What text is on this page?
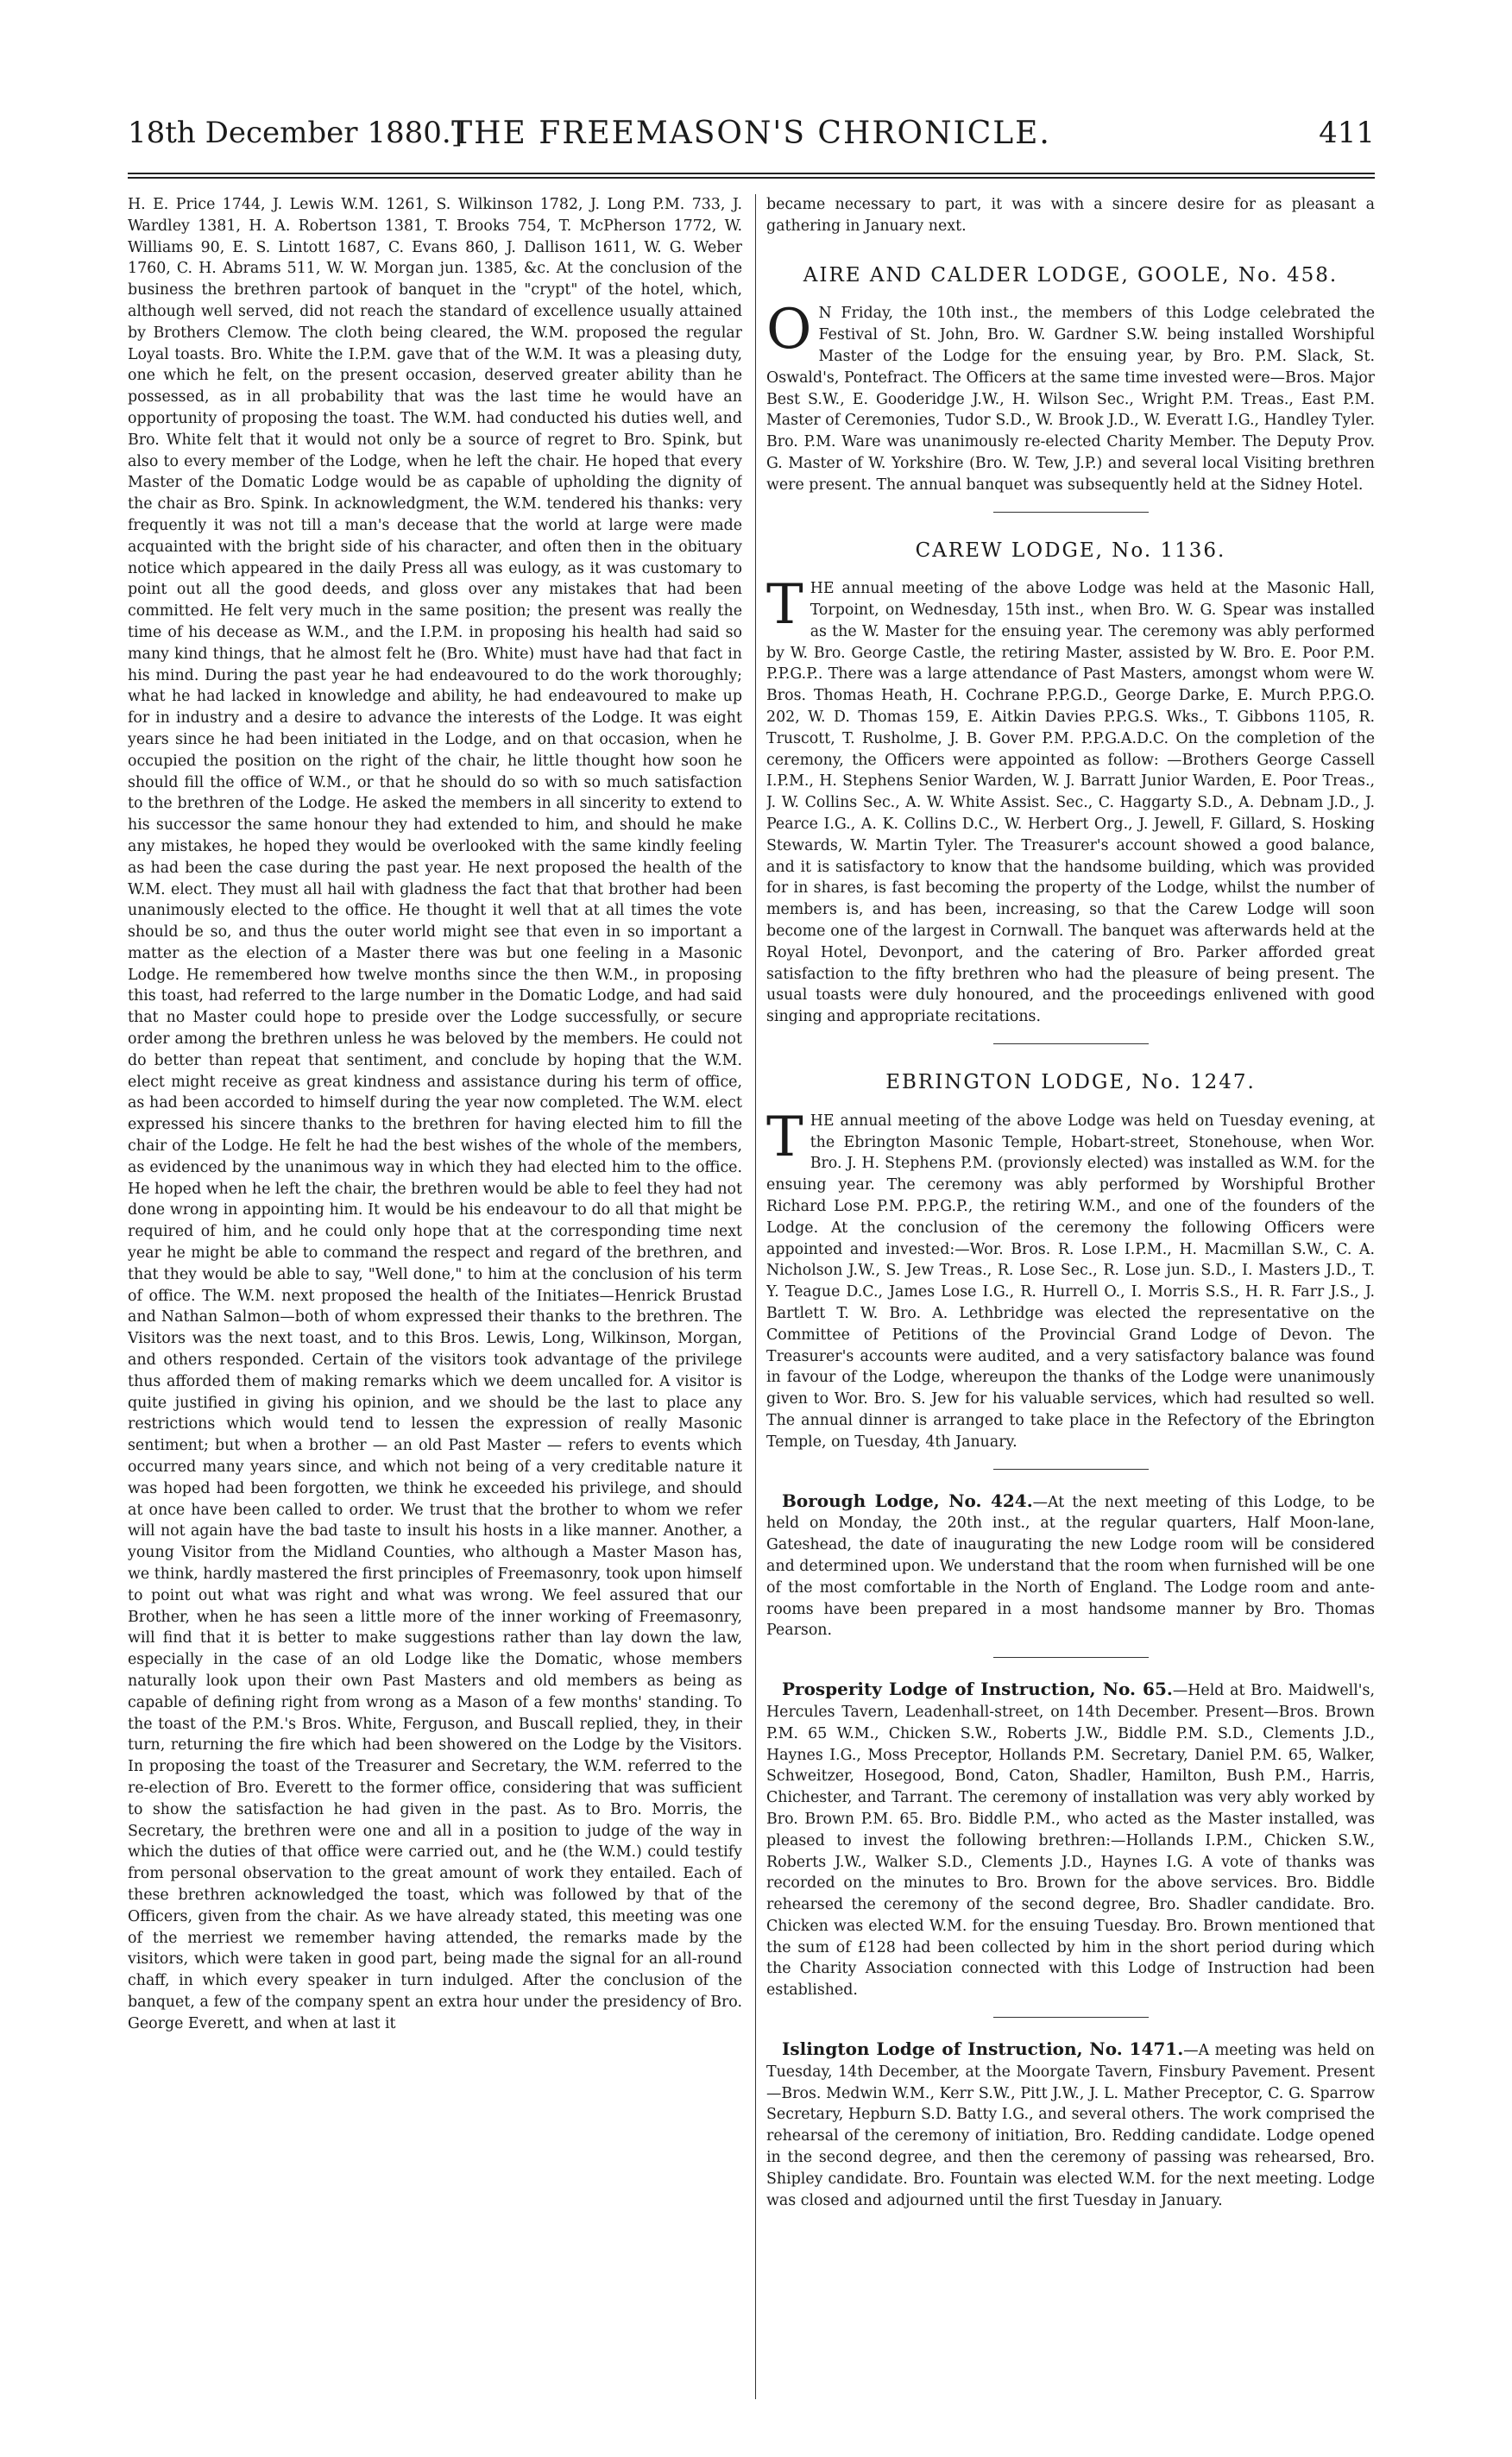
18th December 1880.]
THE FREEMASON'S CHRONICLE.	411

H. E. Price 1744, J. Lewis W.M. 1261, S. Wilkinson 1782, J. Long P.M. 733, J. Wardley 1381, H. A. Robertson 1381, T. Brooks 754, T. McPherson 1772, W. Williams 90, E. S. Lintott 1687, C. Evans 860, J. Dallison 1611, W. G. Weber 1760, C. H. Abrams 511, W. W. Morgan jun. 1385, &c. At the conclusion of the business the brethren partook of banquet in the "crypt" of the hotel, which, although well served, did not reach the standard of excellence usually attained by Brothers Clemow. The cloth being cleared, the W.M. proposed the regular Loyal toasts. Bro. White the I.P.M. gave that of the W.M. It was a pleasing duty, one which he felt, on the present occasion, deserved greater ability than he possessed, as in all probability that was the last time he would have an opportunity of proposing the toast. The W.M. had conducted his duties well, and Bro. White felt that it would not only be a source of regret to Bro. Spink, but also to every member of the Lodge, when he left the chair. He hoped that every Master of the Domatic Lodge would be as capable of upholding the dignity of the chair as Bro. Spink. In acknowledgment, the W.M. tendered his thanks: very frequently it was not till a man's decease that the world at large were made acquainted with the bright side of his character, and often then in the obituary notice which appeared in the daily Press all was eulogy, as it was customary to point out all the good deeds, and gloss over any mistakes that had been committed. He felt very much in the same position; the present was really the time of his decease as W.M., and the I.P.M. in proposing his health had said so many kind things, that he almost felt he (Bro. White) must have had that fact in his mind. During the past year he had endeavoured to do the work thoroughly; what he had lacked in knowledge and ability, he had endeavoured to make up for in industry and a desire to advance the interests of the Lodge. It was eight years since he had been initiated in the Lodge, and on that occasion, when he occupied the position on the right of the chair, he little thought how soon he should fill the office of W.M., or that he should do so with so much satisfaction to the brethren of the Lodge. He asked the members in all sincerity to extend to his successor the same honour they had extended to him, and should he make any mistakes, he hoped they would be overlooked with the same kindly feeling as had been the case during the past year. He next proposed the health of the W.M. elect. They must all hail with gladness the fact that that brother had been unanimously elected to the office. He thought it well that at all times the vote should be so, and thus the outer world might see that even in so important a matter as the election of a Master there was but one feeling in a Masonic Lodge. He remembered how twelve months since the then W.M., in proposing this toast, had referred to the large number in the Domatic Lodge, and had said that no Master could hope to preside over the Lodge successfully, or secure order among the brethren unless he was beloved by the members. He could not do better than repeat that sentiment, and conclude by hoping that the W.M. elect might receive as great kindness and assistance during his term of office, as had been accorded to himself during the year now completed. The W.M. elect expressed his sincere thanks to the brethren for having elected him to fill the chair of the Lodge. He felt he had the best wishes of the whole of the members, as evidenced by the unanimous way in which they had elected him to the office. He hoped when he left the chair, the brethren would be able to feel they had not done wrong in appointing him. It would be his endeavour to do all that might be required of him, and he could only hope that at the corresponding time next year he might be able to command the respect and regard of the brethren, and that they would be able to say, "Well done," to him at the conclusion of his term of office. The W.M. next proposed the health of the Initiates—Henrick Brustad and Nathan Salmon—both of whom expressed their thanks to the brethren. The Visitors was the next toast, and to this Bros. Lewis, Long, Wilkinson, Morgan, and others responded. Certain of the visitors took advantage of the privilege thus afforded them of making remarks which we deem uncalled for. A visitor is quite justified in giving his opinion, and we should be the last to place any restrictions which would tend to lessen the expression of really Masonic sentiment; but when a brother — an old Past Master — refers to events which occurred many years since, and which not being of a very creditable nature it was hoped had been forgotten, we think he exceeded his privilege, and should at once have been called to order. We trust that the brother to whom we refer will not again have the bad taste to insult his hosts in a like manner. Another, a young Visitor from the Midland Counties, who although a Master Mason has, we think, hardly mastered the first principles of Freemasonry, took upon himself to point out what was right and what was wrong. We feel assured that our Brother, when he has seen a little more of the inner working of Freemasonry, will find that it is better to make suggestions rather than lay down the law, especially in the case of an old Lodge like the Domatic, whose members naturally look upon their own Past Masters and old members as being as capable of defining right from wrong as a Mason of a few months' standing. To the toast of the P.M.'s Bros. White, Ferguson, and Buscall replied, they, in their turn, returning the fire which had been showered on the Lodge by the Visitors. In proposing the toast of the Treasurer and Secretary, the W.M. referred to the re-election of Bro. Everett to the former office, considering that was sufficient to show the satisfaction he had given in the past. As to Bro. Morris, the Secretary, the brethren were one and all in a position to judge of the way in which the duties of that office were carried out, and he (the W.M.) could testify from personal observation to the great amount of work they entailed. Each of these brethren acknowledged the toast, which was followed by that of the Officers, given from the chair. As we have already stated, this meeting was one of the merriest we remember having attended, the remarks made by the visitors, which were taken in good part, being made the signal for an all-round chaff, in which every speaker in turn indulged. After the conclusion of the banquet, a few of the company spent an extra hour under the presidency of Bro. George Everett, and when at last it

became necessary to part, it was with a sincere desire for as pleasant a gathering in January next.

AIRE AND CALDER LODGE, GOOLE, No. 458.

O N Friday, the 10th inst., the members of this Lodge celebrated the Festival of St. John, Bro. W. Gardner S.W. being installed Worshipful Master of the Lodge for the ensuing year, by Bro. P.M. Slack, St. Oswald's, Pontefract. The Officers at the same time invested were—Bros. Major Best S.W., E. Gooderidge J.W., H. Wilson Sec., Wright P.M. Treas., East P.M. Master of Ceremonies, Tudor S.D., W. Brook J.D., W. Everatt I.G., Handley Tyler. Bro. P.M. Ware was unanimously re-elected Charity Member. The Deputy Prov. G. Master of W. Yorkshire (Bro. W. Tew, J.P.) and several local Visiting brethren were present. The annual banquet was subsequently held at the Sidney Hotel.

CAREW LODGE, No. 1136.

THE annual meeting of the above Lodge was held at the Masonic Hall, Torpoint, on Wednesday, 15th inst., when Bro. W. G. Spear was installed as the W. Master for the ensuing year. The ceremony was ably performed by W. Bro. George Castle, the retiring Master, assisted by W. Bro. E. Poor P.M. P.P.G.P.. There was a large attendance of Past Masters, amongst whom were W. Bros. Thomas Heath, H. Cochrane P.P.G.D., George Darke, E. Murch P.P.G.O. 202, W. D. Thomas 159, E. Aitkin Davies P.P.G.S. Wks., T. Gibbons 1105, R. Truscott, T. Rusholme, J. B. Gover P.M. P.P.G.A.D.C. On the completion of the ceremony, the Officers were appointed as follow: —Brothers George Cassell I.P.M., H. Stephens Senior Warden, W. J. Barratt Junior Warden, E. Poor Treas., J. W. Collins Sec., A. W. White Assist. Sec., C. Haggarty S.D., A. Debnam J.D., J. Pearce I.G., A. K. Collins D.C., W. Herbert Org., J. Jewell, F. Gillard, S. Hosking Stewards, W. Martin Tyler. The Treasurer's account showed a good balance, and it is satisfactory to know that the handsome building, which was provided for in shares, is fast becoming the property of the Lodge, whilst the number of members is, and has been, increasing, so that the Carew Lodge will soon become one of the largest in Cornwall. The banquet was afterwards held at the Royal Hotel, Devonport, and the catering of Bro. Parker afforded great satisfaction to the fifty brethren who had the pleasure of being present. The usual toasts were duly honoured, and the proceedings enlivened with good singing and appropriate recitations.

EBRINGTON LODGE, No. 1247.

THE annual meeting of the above Lodge was held on Tuesday evening, at the Ebrington Masonic Temple, Hobart-street, Stonehouse, when Wor. Bro. J. H. Stephens P.M. (provionsly elected) was installed as W.M. for the ensuing year. The ceremony was ably performed by Worshipful Brother Richard Lose P.M. P.P.G.P., the retiring W.M., and one of the founders of the Lodge. At the conclusion of the ceremony the following Officers were appointed and invested:—Wor. Bros. R. Lose I.P.M., H. Macmillan S.W., C. A. Nicholson J.W., S. Jew Treas., R. Lose Sec., R. Lose jun. S.D., I. Masters J.D., T. Y. Teague D.C., James Lose I.G., R. Hurrell O., I. Morris S.S., H. R. Farr J.S., J. Bartlett T. W. Bro. A. Lethbridge was elected the representative on the Committee of Petitions of the Provincial Grand Lodge of Devon. The Treasurer's accounts were audited, and a very satisfactory balance was found in favour of the Lodge, whereupon the thanks of the Lodge were unanimously given to Wor. Bro. S. Jew for his valuable services, which had resulted so well. The annual dinner is arranged to take place in the Refectory of the Ebrington Temple, on Tuesday, 4th January.

Borough Lodge, No. 424.—At the next meeting of this Lodge, to be held on Monday, the 20th inst., at the regular quarters, Half Moon-lane, Gateshead, the date of inaugurating the new Lodge room will be considered and determined upon. We understand that the room when furnished will be one of the most comfortable in the North of England. The Lodge room and ante-rooms have been prepared in a most handsome manner by Bro. Thomas Pearson.

Prosperity Lodge of Instruction, No. 65.—Held at Bro. Maidwell's, Hercules Tavern, Leadenhall-street, on 14th December. Present—Bros. Brown P.M. 65 W.M., Chicken S.W., Roberts J.W., Biddle P.M. S.D., Clements J.D., Haynes I.G., Moss Preceptor, Hollands P.M. Secretary, Daniel P.M. 65, Walker, Schweitzer, Hosegood, Bond, Caton, Shadler, Hamilton, Bush P.M., Harris, Chichester, and Tarrant. The ceremony of installation was very ably worked by Bro. Brown P.M. 65. Bro. Biddle P.M., who acted as the Master installed, was pleased to invest the following brethren:—Hollands I.P.M., Chicken S.W., Roberts J.W., Walker S.D., Clements J.D., Haynes I.G. A vote of thanks was recorded on the minutes to Bro. Brown for the above services. Bro. Biddle rehearsed the ceremony of the second degree, Bro. Shadler candidate. Bro. Chicken was elected W.M. for the ensuing Tuesday. Bro. Brown mentioned that the sum of £128 had been collected by him in the short period during which the Charity Association connected with this Lodge of Instruction had been established.

Islington Lodge of Instruction, No. 1471.—A meeting was held on Tuesday, 14th December, at the Moorgate Tavern, Finsbury Pavement. Present—Bros. Medwin W.M., Kerr S.W., Pitt J.W., J. L. Mather Preceptor, C. G. Sparrow Secretary, Hepburn S.D. Batty I.G., and several others. The work comprised the rehearsal of the ceremony of initiation, Bro. Redding candidate. Lodge opened in the second degree, and then the ceremony of passing was rehearsed, Bro. Shipley candidate. Bro. Fountain was elected W.M. for the next meeting. Lodge was closed and adjourned until the first Tuesday in January.
